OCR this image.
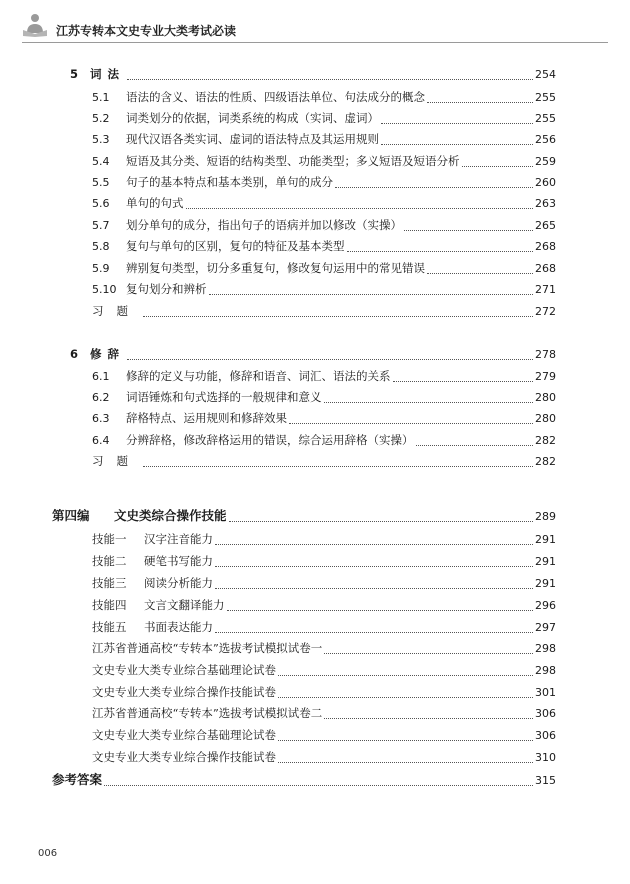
江苏专转本文史专业大类考试必读
5	词法	254
5.1	语法的含义、语法的性质、四级语法单位、句法成分的概念	255
5.2	词类划分的依据，词类系统的构成（实词、虚词）	255
5.3	现代汉语各类实词、虚词的语法特点及其运用规则	256
5.4	短语及其分类、短语的结构类型、功能类型；多义短语及短语分析	259
5.5	句子的基本特点和基本类别，单句的成分	260
5.6	单句的句式	263
5.7	划分单句的成分，指出句子的语病并加以修改（实操）	265
5.8	复句与单句的区别，复句的特征及基本类型	268
5.9	辨别复句类型，切分多重复句，修改复句运用中的常见错误	268
5.10 复句划分和辨析	271
习题	272
6	修辞	278
6.1	修辞的定义与功能，修辞和语音、词汇、语法的关系	279
6.2	词语锤炼和句式选择的一般规律和意义	280
6.3	辞格特点、运用规则和修辞效果	280
6.4	分辨辞格，修改辞格运用的错误，综合运用辞格（实操）	282
习题	282
第四编	文史类综合操作技能	289
技能一	汉字注音能力	291
技能二	硬笔书写能力	291
技能三	阅读分析能力	291
技能四	文言文翻译能力	296
技能五	书面表达能力	297
江苏省普通高校“专转本”选拔考试模拟试卷一	298
文史专业大类专业综合基础理论试卷	298
文史专业大类专业综合操作技能试卷	301
江苏省普通高校“专转本”选拔考试模拟试卷二	306
文史专业大类专业综合基础理论试卷	306
文史专业大类专业综合操作技能试卷	310
参考答案	315
006
